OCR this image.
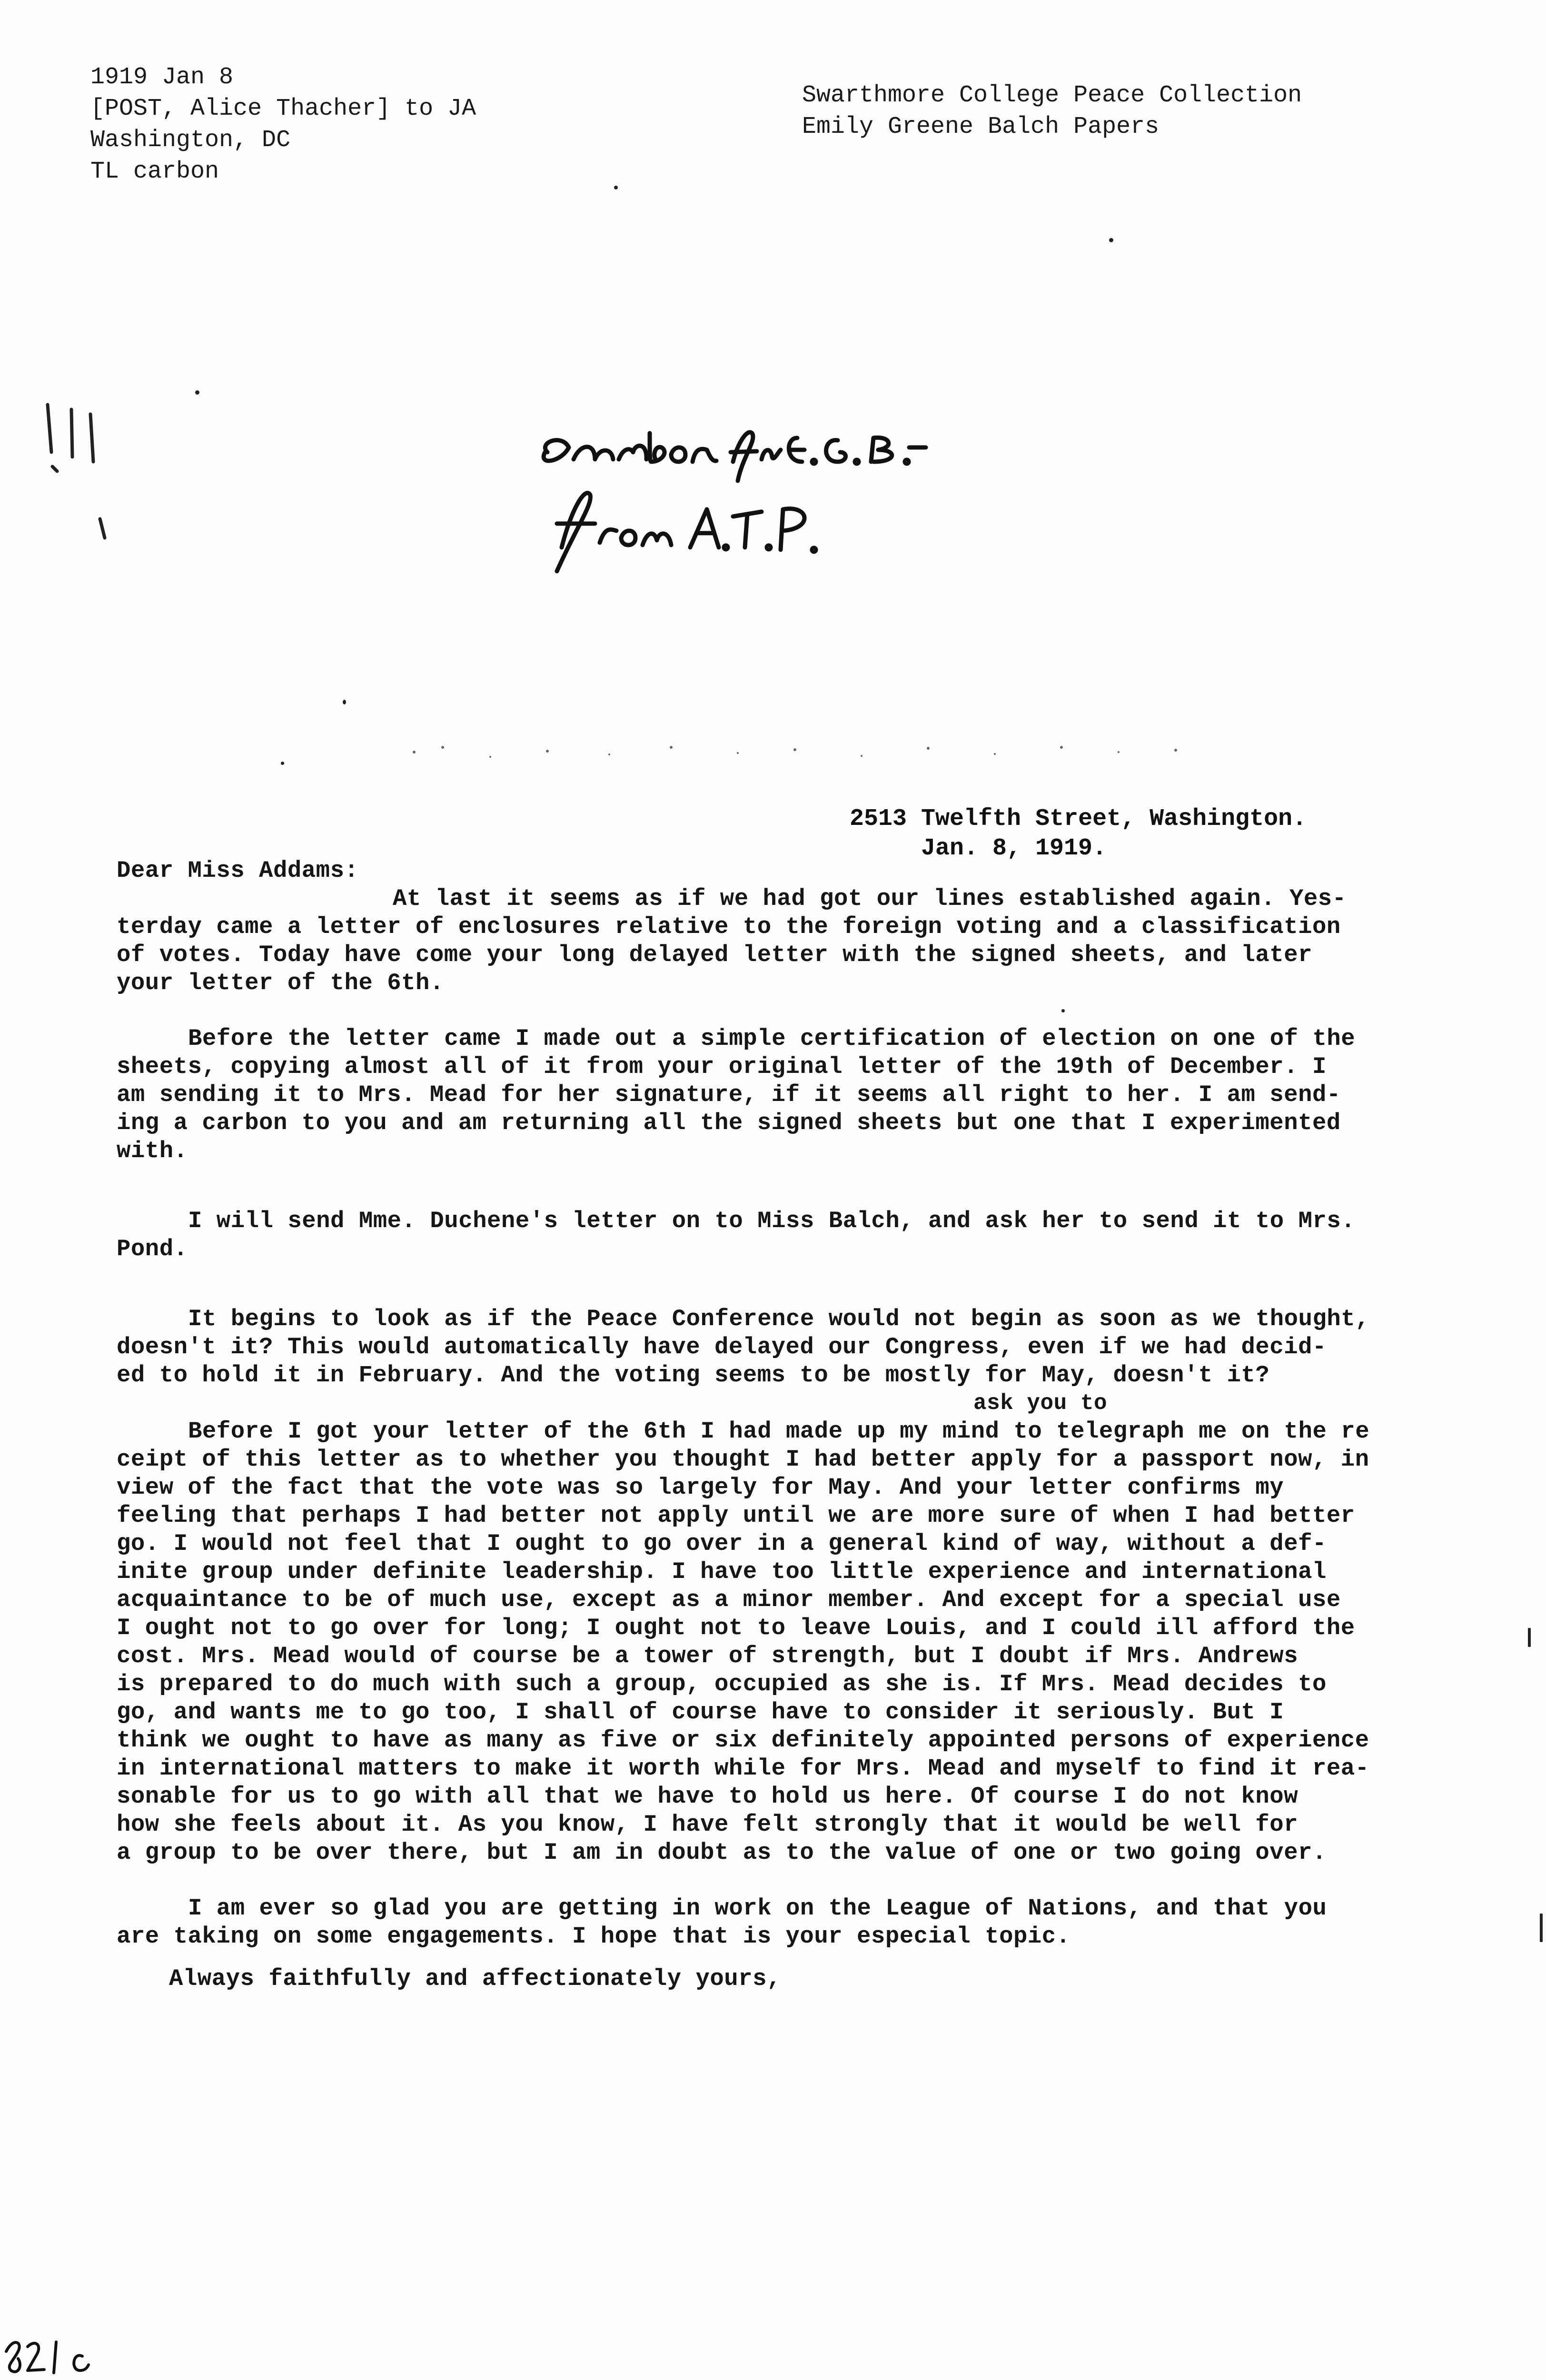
1919 Jan 8
[POST, Alice Thacher] to JA
Washington, DC
TL carbon
Swarthmore College Peace Collection
Emily Greene Balch Papers
2513 Twelfth Street, Washington.
Jan. 8, 1919.
Dear Miss Addams:
At last it seems as if we had got our lines established again. Yes-
terday came a letter of enclosures relative to the foreign voting and a classification
of votes. Today have come your long delayed letter with the signed sheets, and later
your letter of the 6th.
Before the letter came I made out a simple certification of election on one of the
sheets, copying almost all of it from your original letter of the 19th of December. I
am sending it to Mrs. Mead for her signature, if it seems all right to her. I am send-
ing a carbon to you and am returning all the signed sheets but one that I experimented
with.
I will send Mme. Duchene's letter on to Miss Balch, and ask her to send it to Mrs.
Pond.
It begins to look as if the Peace Conference would not begin as soon as we thought,
doesn't it? This would automatically have delayed our Congress, even if we had decid-
ed to hold it in February. And the voting seems to be mostly for May, doesn't it?
ask you to
Before I got your letter of the 6th I had made up my mind to telegraph me on the re
ceipt of this letter as to whether you thought I had better apply for a passport now, in
view of the fact that the vote was so largely for May. And your letter confirms my
feeling that perhaps I had better not apply until we are more sure of when I had better
go. I would not feel that I ought to go over in a general kind of way, without a def-
inite group under definite leadership. I have too little experience and international
acquaintance to be of much use, except as a minor member. And except for a special use
I ought not to go over for long; I ought not to leave Louis, and I could ill afford the
cost. Mrs. Mead would of course be a tower of strength, but I doubt if Mrs. Andrews
is prepared to do much with such a group, occupied as she is. If Mrs. Mead decides to
go, and wants me to go too, I shall of course have to consider it seriously. But I
think we ought to have as many as five or six definitely appointed persons of experience
in international matters to make it worth while for Mrs. Mead and myself to find it rea-
sonable for us to go with all that we have to hold us here. Of course I do not know
how she feels about it. As you know, I have felt strongly that it would be well for
a group to be over there, but I am in doubt as to the value of one or two going over.
I am ever so glad you are getting in work on the League of Nations, and that you
are taking on some engagements. I hope that is your especial topic.
Always faithfully and affectionately yours,
